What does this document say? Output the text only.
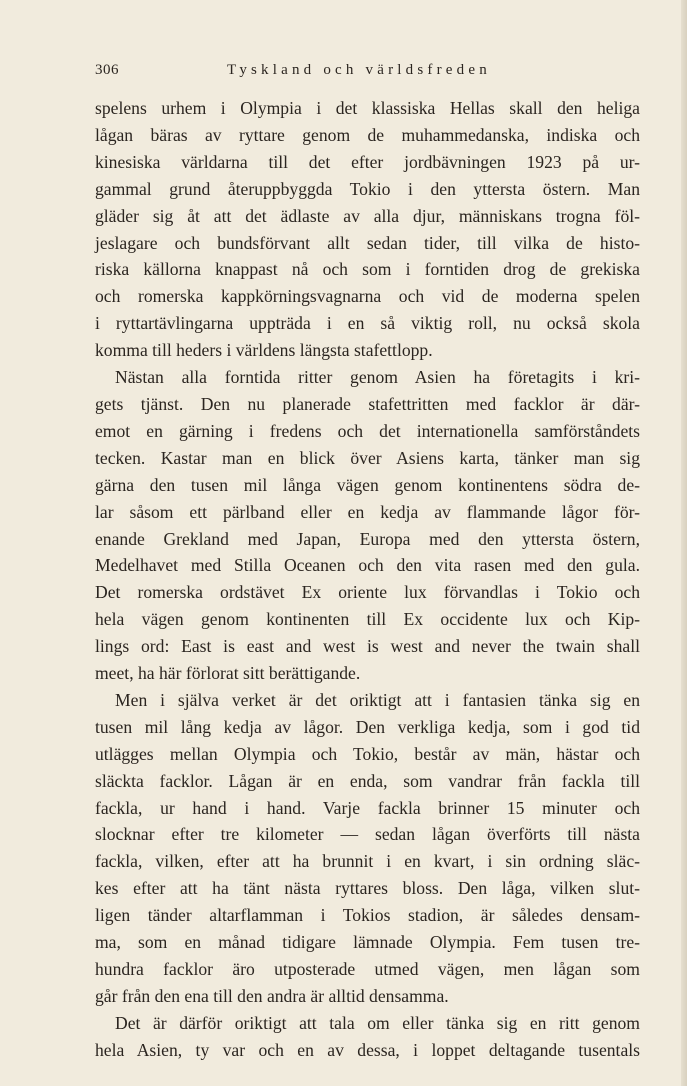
306	Tyskland och världsfreden
spelens urhem i Olympia i det klassiska Hellas skall den heliga
lågan bäras av ryttare genom de muhammedanska, indiska och
kinesiska världarna till det efter jordbävningen 1923 på ur-
gammal grund återuppbyggda Tokio i den yttersta östern. Man
gläder sig åt att det ädlaste av alla djur, människans trogna föl-
jeslagare och bundsförvant allt sedan tider, till vilka de histo-
riska källorna knappast nå och som i forntiden drog de grekiska
och romerska kappkörningsvagnarna och vid de moderna spelen
i ryttartävlingarna uppträda i en så viktig roll, nu också skola
komma till heders i världens längsta stafettlopp.
Nästan alla forntida ritter genom Asien ha företagits i kri-
gets tjänst. Den nu planerade stafettritten med facklor är där-
emot en gärning i fredens och det internationella samförståndets
tecken. Kastar man en blick över Asiens karta, tänker man sig
gärna den tusen mil långa vägen genom kontinentens södra de-
lar såsom ett pärlband eller en kedja av flammande lågor för-
enande Grekland med Japan, Europa med den yttersta östern,
Medelhavet med Stilla Oceanen och den vita rasen med den gula.
Det romerska ordstävet Ex oriente lux förvandlas i Tokio och
hela vägen genom kontinenten till Ex occidente lux och Kip-
lings ord: East is east and west is west and never the twain shall
meet, ha här förlorat sitt berättigande.
Men i själva verket är det oriktigt att i fantasien tänka sig en
tusen mil lång kedja av lågor. Den verkliga kedja, som i god tid
utlägges mellan Olympia och Tokio, består av män, hästar och
släckta facklor. Lågan är en enda, som vandrar från fackla till
fackla, ur hand i hand. Varje fackla brinner 15 minuter och
slocknar efter tre kilometer — sedan lågan överförts till nästa
fackla, vilken, efter att ha brunnit i en kvart, i sin ordning släc-
kes efter att ha tänt nästa ryttares bloss. Den låga, vilken slut-
ligen tänder altarflamman i Tokios stadion, är således densam-
ma, som en månad tidigare lämnade Olympia. Fem tusen tre-
hundra facklor äro utposterade utmed vägen, men lågan som
går från den ena till den andra är alltid densamma.
Det är därför oriktigt att tala om eller tänka sig en ritt genom
hela Asien, ty var och en av dessa, i loppet deltagande tusentals
